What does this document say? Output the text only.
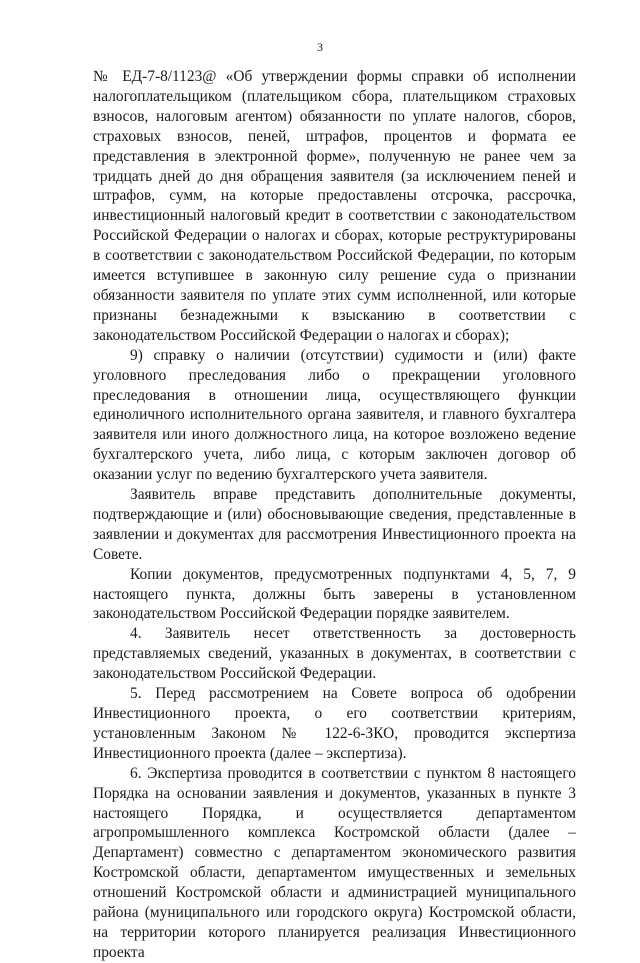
3

№ ЕД-7-8/1123@ «Об утверждении формы справки об исполнении налогоплательщиком (плательщиком сбора, плательщиком страховых взносов, налоговым агентом) обязанности по уплате налогов, сборов, страховых взносов, пеней, штрафов, процентов и формата ее представления в электронной форме», полученную не ранее чем за тридцать дней до дня обращения заявителя (за исключением пеней и штрафов, сумм, на которые предоставлены отсрочка, рассрочка, инвестиционный налоговый кредит в соответствии с законодательством Российской Федерации о налогах и сборах, которые реструктурированы в соответствии с законодательством Российской Федерации, по которым имеется вступившее в законную силу решение суда о признании обязанности заявителя по уплате этих сумм исполненной, или которые признаны безнадежными к взысканию в соответствии с законодательством Российской Федерации о налогах и сборах);

9) справку о наличии (отсутствии) судимости и (или) факте уголовного преследования либо о прекращении уголовного преследования в отношении лица, осуществляющего функции единоличного исполнительного органа заявителя, и главного бухгалтера заявителя или иного должностного лица, на которое возложено ведение бухгалтерского учета, либо лица, с которым заключен договор об оказании услуг по ведению бухгалтерского учета заявителя.

Заявитель вправе представить дополнительные документы, подтверждающие и (или) обосновывающие сведения, представленные в заявлении и документах для рассмотрения Инвестиционного проекта на Совете.

Копии документов, предусмотренных подпунктами 4, 5, 7, 9 настоящего пункта, должны быть заверены в установленном законодательством Российской Федерации порядке заявителем.

4. Заявитель несет ответственность за достоверность представляемых сведений, указанных в документах, в соответствии с законодательством Российской Федерации.

5. Перед рассмотрением на Совете вопроса об одобрении Инвестиционного проекта, о его соответствии критериям, установленным Законом № 122-6-ЗКО, проводится экспертиза Инвестиционного проекта (далее – экспертиза).

6. Экспертиза проводится в соответствии с пунктом 8 настоящего Порядка на основании заявления и документов, указанных в пункте 3 настоящего Порядка, и осуществляется департаментом агропромышленного комплекса Костромской области (далее – Департамент) совместно с департаментом экономического развития Костромской области, департаментом имущественных и земельных отношений Костромской области и администрацией муниципального района (муниципального или городского округа) Костромской области, на территории которого планируется реализация Инвестиционного проекта
